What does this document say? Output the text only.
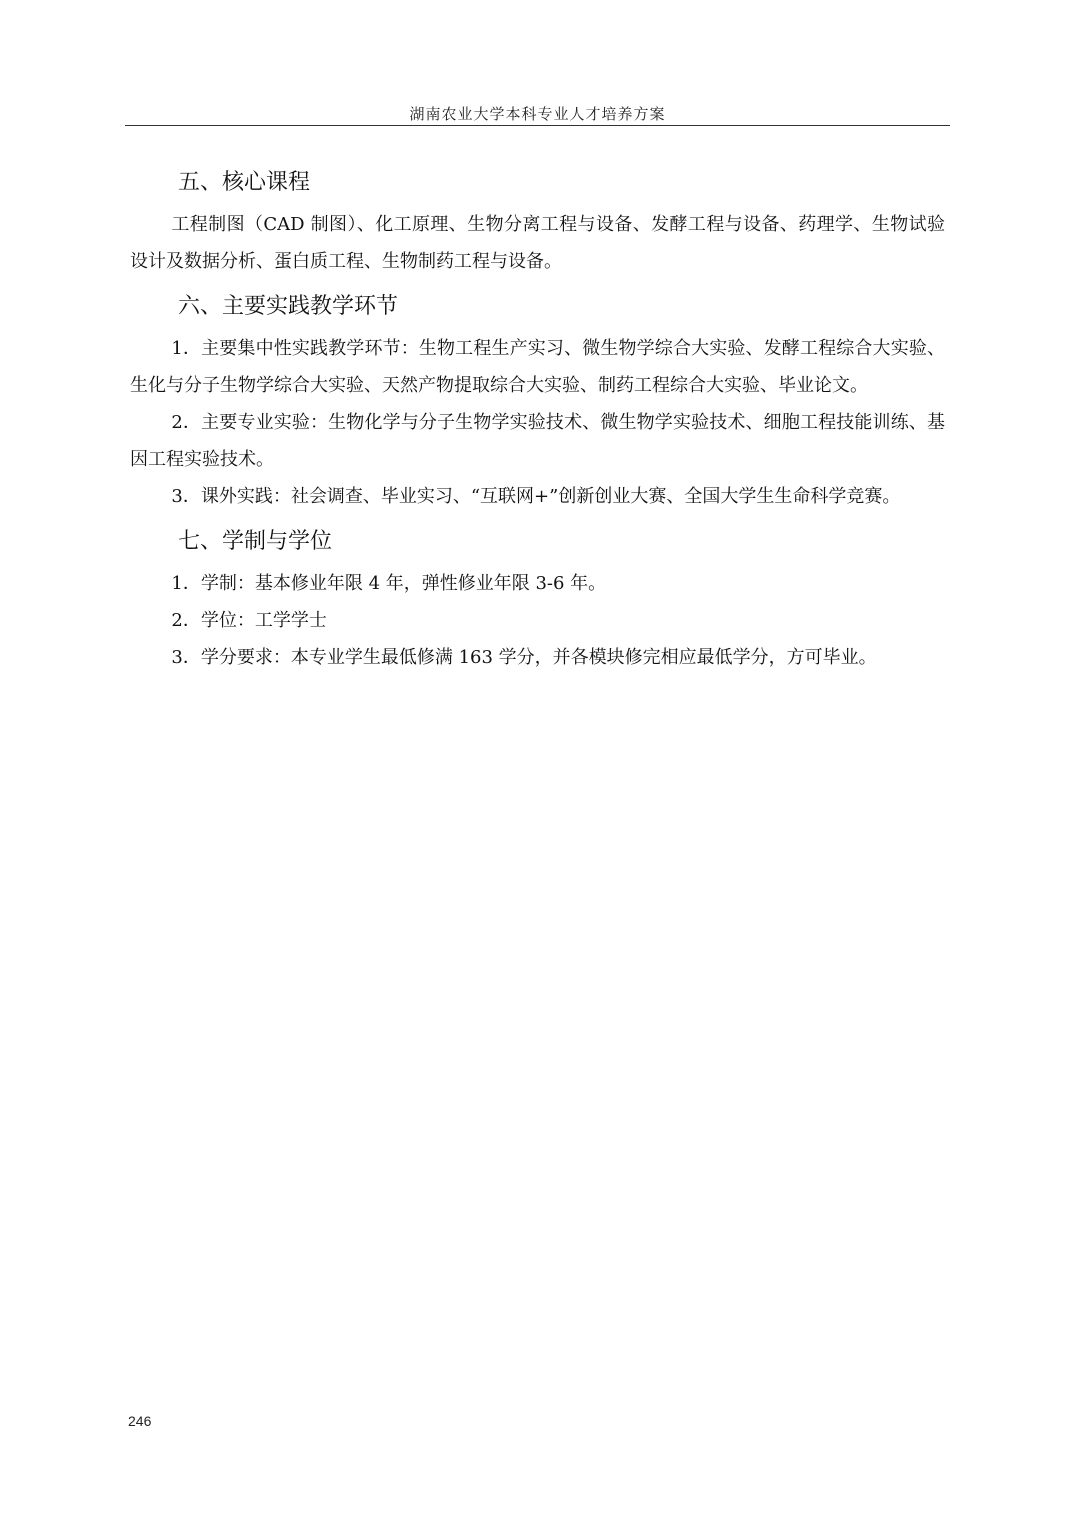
湖南农业大学本科专业人才培养方案
五、核心课程

工程制图（CAD 制图）、化工原理、生物分离工程与设备、发酵工程与设备、药理学、生物试验设计及数据分析、蛋白质工程、生物制药工程与设备。

六、主要实践教学环节

1．主要集中性实践教学环节：生物工程生产实习、微生物学综合大实验、发酵工程综合大实验、生化与分子生物学综合大实验、天然产物提取综合大实验、制药工程综合大实验、毕业论文。

2．主要专业实验：生物化学与分子生物学实验技术、微生物学实验技术、细胞工程技能训练、基因工程实验技术。

3．课外实践：社会调查、毕业实习、“互联网+”创新创业大赛、全国大学生生命科学竞赛。

七、学制与学位

1．学制：基本修业年限 4 年，弹性修业年限 3-6 年。

2．学位：工学学士

3．学分要求：本专业学生最低修满 163 学分，并各模块修完相应最低学分，方可毕业。

246
